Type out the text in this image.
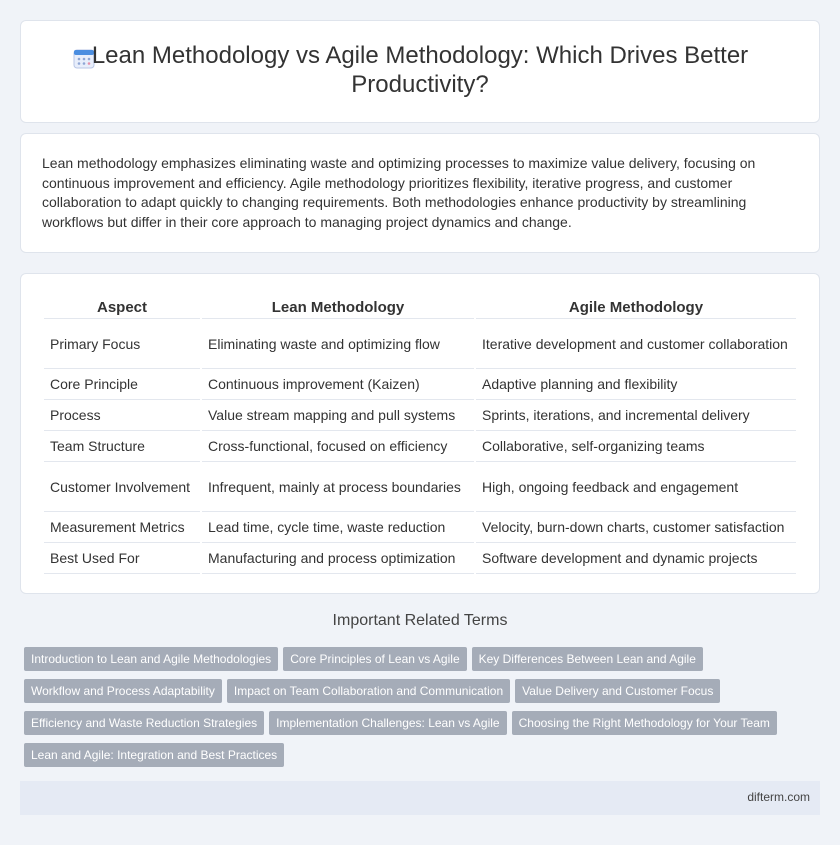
Lean Methodology vs Agile Methodology: Which Drives Better Productivity?

Lean methodology emphasizes eliminating waste and optimizing processes to maximize value delivery, focusing on continuous improvement and efficiency. Agile methodology prioritizes flexibility, iterative progress, and customer collaboration to adapt quickly to changing requirements. Both methodologies enhance productivity by streamlining workflows but differ in their core approach to managing project dynamics and change.

Aspect	Lean Methodology	Agile Methodology
Primary Focus	Eliminating waste and optimizing flow	Iterative development and customer collaboration
Core Principle	Continuous improvement (Kaizen)	Adaptive planning and flexibility
Process	Value stream mapping and pull systems	Sprints, iterations, and incremental delivery
Team Structure	Cross-functional, focused on efficiency	Collaborative, self-organizing teams
Customer Involvement	Infrequent, mainly at process boundaries	High, ongoing feedback and engagement
Measurement Metrics	Lead time, cycle time, waste reduction	Velocity, burn-down charts, customer satisfaction
Best Used For	Manufacturing and process optimization	Software development and dynamic projects
Important Related Terms
Introduction to Lean and Agile Methodologies Core Principles of Lean vs Agile Key Differences Between Lean and Agile
Workflow and Process Adaptability Impact on Team Collaboration and Communication Value Delivery and Customer Focus
Efficiency and Waste Reduction Strategies Implementation Challenges: Lean vs Agile Choosing the Right Methodology for Your Team
Lean and Agile: Integration and Best Practices
difterm.com
